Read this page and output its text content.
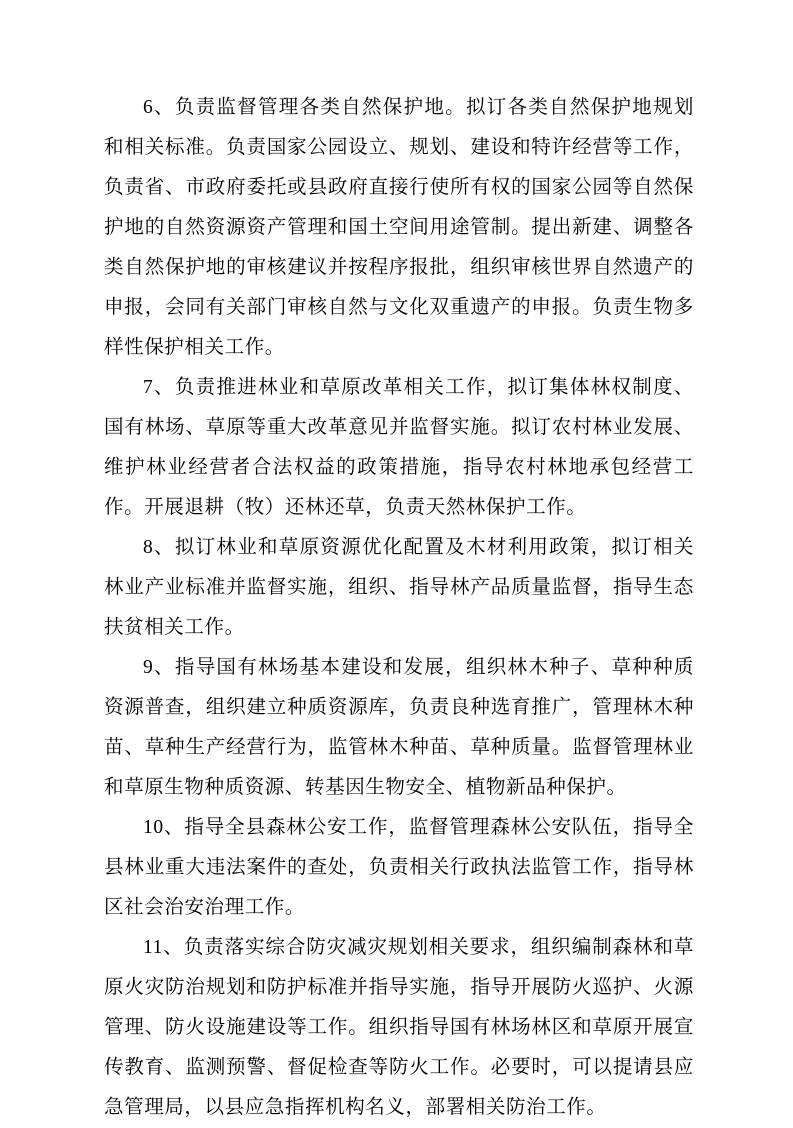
6、负责监督管理各类自然保护地。拟订各类自然保护地规划和相关标准。负责国家公园设立、规划、建设和特许经营等工作，负责省、市政府委托或县政府直接行使所有权的国家公园等自然保护地的自然资源资产管理和国土空间用途管制。提出新建、调整各类自然保护地的审核建议并按程序报批，组织审核世界自然遗产的申报，会同有关部门审核自然与文化双重遗产的申报。负责生物多样性保护相关工作。

7、负责推进林业和草原改革相关工作，拟订集体林权制度、国有林场、草原等重大改革意见并监督实施。拟订农村林业发展、维护林业经营者合法权益的政策措施，指导农村林地承包经营工作。开展退耕（牧）还林还草，负责天然林保护工作。

8、拟订林业和草原资源优化配置及木材利用政策，拟订相关林业产业标准并监督实施，组织、指导林产品质量监督，指导生态扶贫相关工作。

9、指导国有林场基本建设和发展，组织林木种子、草种种质资源普查，组织建立种质资源库，负责良种选育推广，管理林木种苗、草种生产经营行为，监管林木种苗、草种质量。监督管理林业和草原生物种质资源、转基因生物安全、植物新品种保护。

10、指导全县森林公安工作，监督管理森林公安队伍，指导全县林业重大违法案件的查处，负责相关行政执法监管工作，指导林区社会治安治理工作。

11、负责落实综合防灾减灾规划相关要求，组织编制森林和草原火灾防治规划和防护标准并指导实施，指导开展防火巡护、火源管理、防火设施建设等工作。组织指导国有林场林区和草原开展宣传教育、监测预警、督促检查等防火工作。必要时，可以提请县应急管理局，以县应急指挥机构名义，部署相关防治工作。
